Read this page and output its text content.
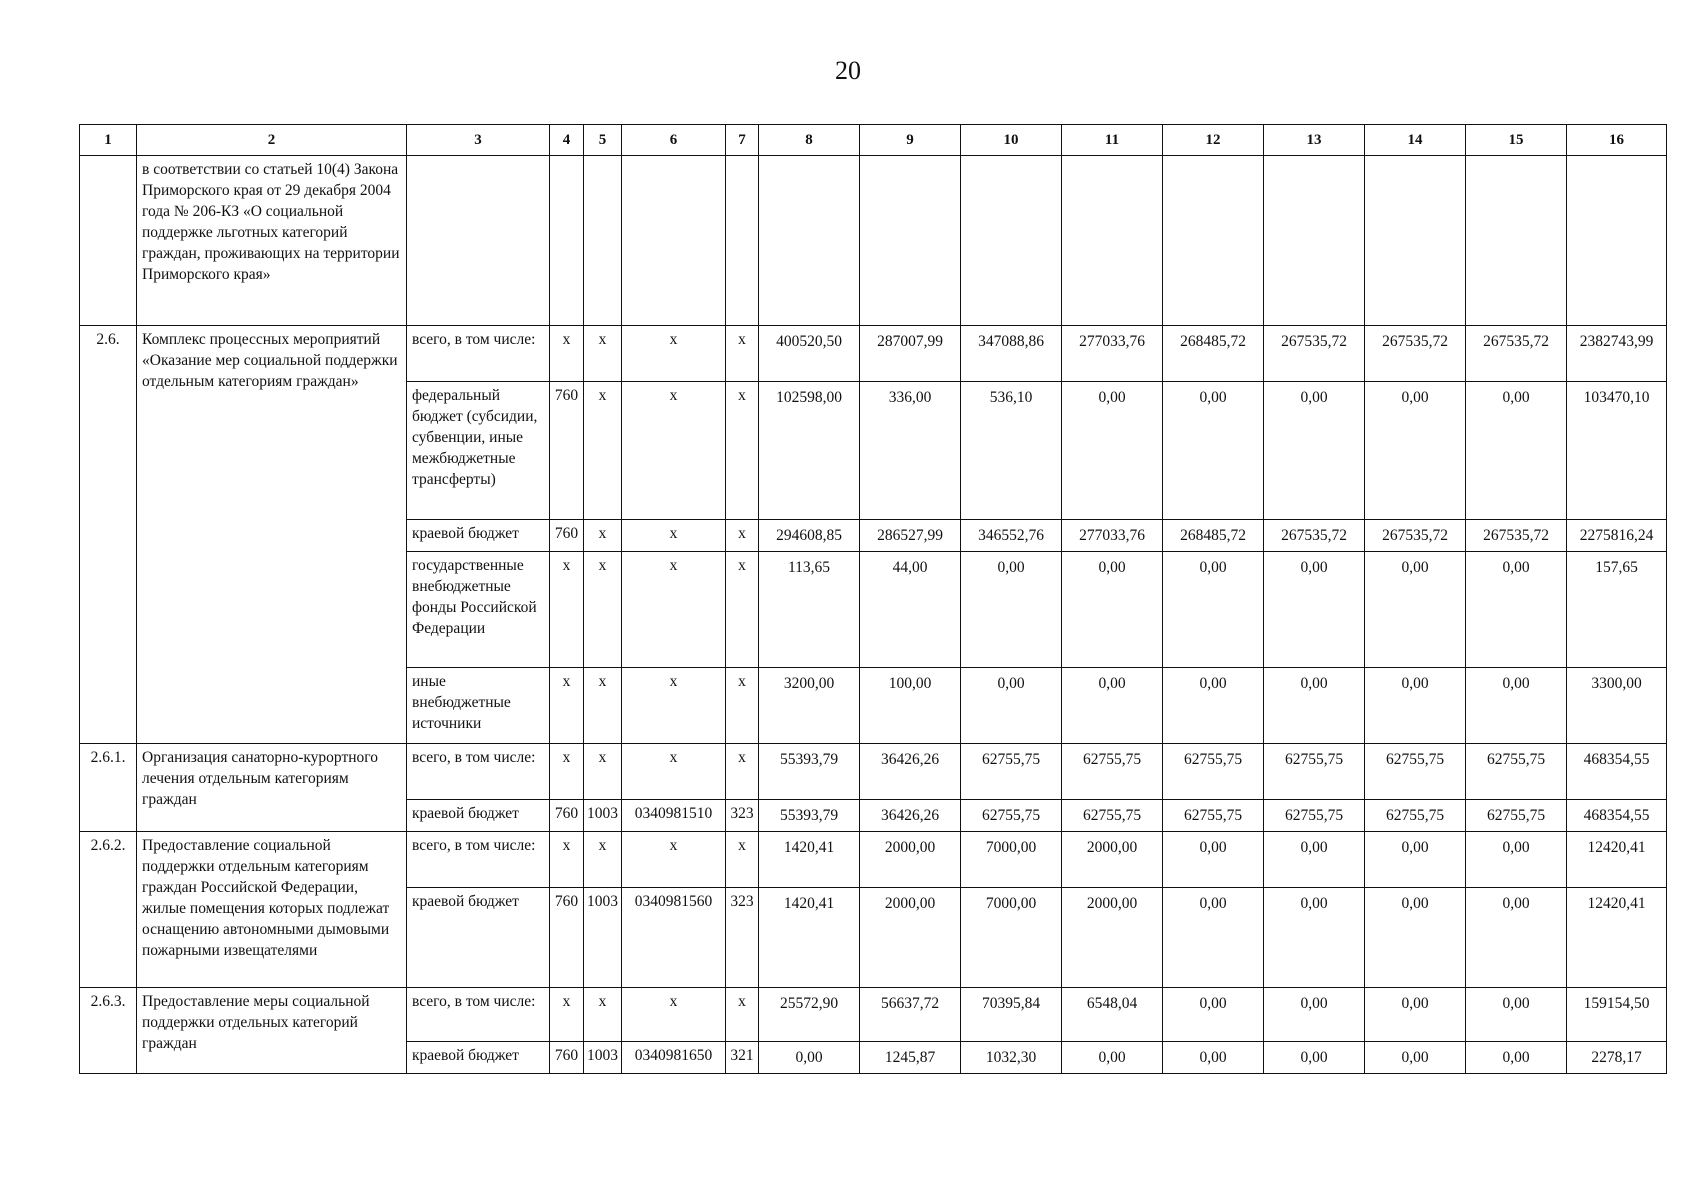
20
1	2	3	4	5	6	7	8	9	10	11	12	13	14	15	16
	в соответствии со статьей 10(4) Закона Приморского края от 29 декабря 2004 года № 206-КЗ «О социальной поддержке льготных категорий граждан, проживающих на территории Приморского края»														
2.6.	Комплекс процессных мероприятий «Оказание мер социальной поддержки отдельным категориям граждан»	всего, в том числе:	x	x	x	x	400520,50	287007,99	347088,86	277033,76	268485,72	267535,72	267535,72	267535,72	2382743,99
		федеральный бюджет (субсидии, субвенции, иные межбюджетные трансферты)	760	x	x	x	102598,00	336,00	536,10	0,00	0,00	0,00	0,00	0,00	103470,10
		краевой бюджет	760	x	x	x	294608,85	286527,99	346552,76	277033,76	268485,72	267535,72	267535,72	267535,72	2275816,24
		государственные внебюджетные фонды Российской Федерации	x	x	x	x	113,65	44,00	0,00	0,00	0,00	0,00	0,00	0,00	157,65
		иные внебюджетные источники	x	x	x	x	3200,00	100,00	0,00	0,00	0,00	0,00	0,00	0,00	3300,00
2.6.1.	Организация санаторно-курортного лечения отдельным категориям граждан	всего, в том числе:	x	x	x	x	55393,79	36426,26	62755,75	62755,75	62755,75	62755,75	62755,75	62755,75	468354,55
		краевой бюджет	760	1003	0340981510	323	55393,79	36426,26	62755,75	62755,75	62755,75	62755,75	62755,75	62755,75	468354,55
2.6.2.	Предоставление социальной поддержки отдельным категориям граждан Российской Федерации, жилые помещения которых подлежат оснащению автономными дымовыми пожарными извещателями	всего, в том числе:	x	x	x	x	1420,41	2000,00	7000,00	2000,00	0,00	0,00	0,00	0,00	12420,41
		краевой бюджет	760	1003	0340981560	323	1420,41	2000,00	7000,00	2000,00	0,00	0,00	0,00	0,00	12420,41
2.6.3.	Предоставление меры социальной поддержки отдельных категорий граждан	всего, в том числе:	x	x	x	x	25572,90	56637,72	70395,84	6548,04	0,00	0,00	0,00	0,00	159154,50
		краевой бюджет	760	1003	0340981650	321	0,00	1245,87	1032,30	0,00	0,00	0,00	0,00	0,00	2278,17
